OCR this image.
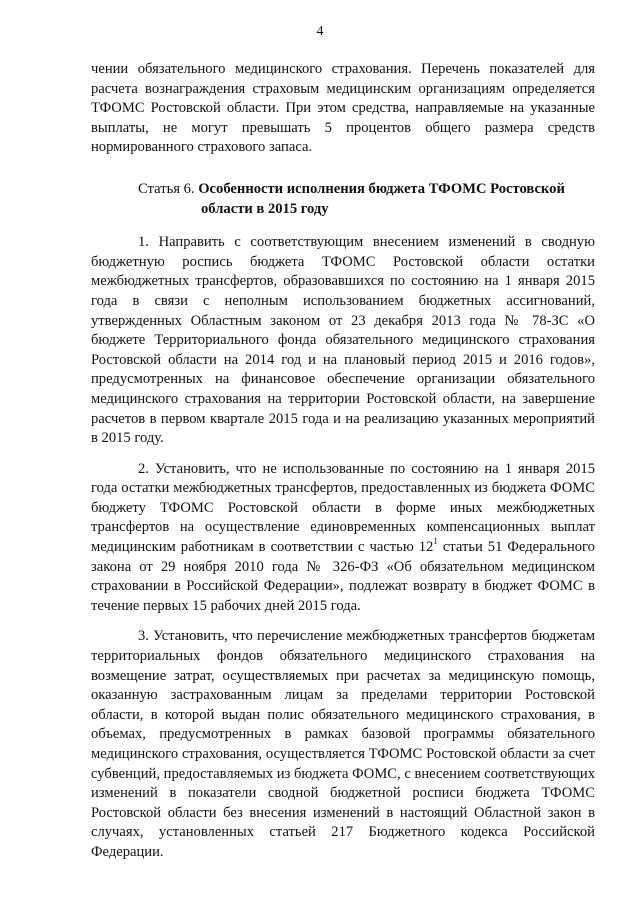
4

чении обязательного медицинского страхования. Перечень показателей для расчета вознаграждения страховым медицинским организациям определяется ТФОМС Ростовской области. При этом средства, направляемые на указанные выплаты, не могут превышать 5 процентов общего размера средств нормированного страхового запаса.

Статья 6. Особенности исполнения бюджета ТФОМС Ростовской
области в 2015 году

1. Направить с соответствующим внесением изменений в сводную бюджетную роспись бюджета ТФОМС Ростовской области остатки межбюджетных трансфертов, образовавшихся по состоянию на 1 января 2015 года в связи с неполным использованием бюджетных ассигнований, утвержденных Областным законом от 23 декабря 2013 года № 78-ЗС «О бюджете Территориального фонда обязательного медицинского страхования Ростовской области на 2014 год и на плановый период 2015 и 2016 годов», предусмотренных на финансовое обеспечение организации обязательного медицинского страхования на территории Ростовской области, на завершение расчетов в первом квартале 2015 года и на реализацию указанных мероприятий в 2015 году.

2. Установить, что не использованные по состоянию на 1 января 2015 года остатки межбюджетных трансфертов, предоставленных из бюджета ФОМС бюджету ТФОМС Ростовской области в форме иных межбюджетных трансфертов на осуществление единовременных компенсационных выплат медицинским работникам в соответствии с частью $12^1$ статьи 51 Федерального закона от 29 ноября 2010 года № 326-ФЗ «Об обязательном медицинском страховании в Российской Федерации», подлежат возврату в бюджет ФОМС в течение первых 15 рабочих дней 2015 года.

3. Установить, что перечисление межбюджетных трансфертов бюджетам территориальных фондов обязательного медицинского страхования на возмещение затрат, осуществляемых при расчетах за медицинскую помощь, оказанную застрахованным лицам за пределами территории Ростовской области, в которой выдан полис обязательного медицинского страхования, в объемах, предусмотренных в рамках базовой программы обязательного медицинского страхования, осуществляется ТФОМС Ростовской области за счет субвенций, предоставляемых из бюджета ФОМС, с внесением соответствующих изменений в показатели сводной бюджетной росписи бюджета ТФОМС Ростовской области без внесения изменений в настоящий Областной закон в случаях, установленных статьей 217 Бюджетного кодекса Российской Федерации.
